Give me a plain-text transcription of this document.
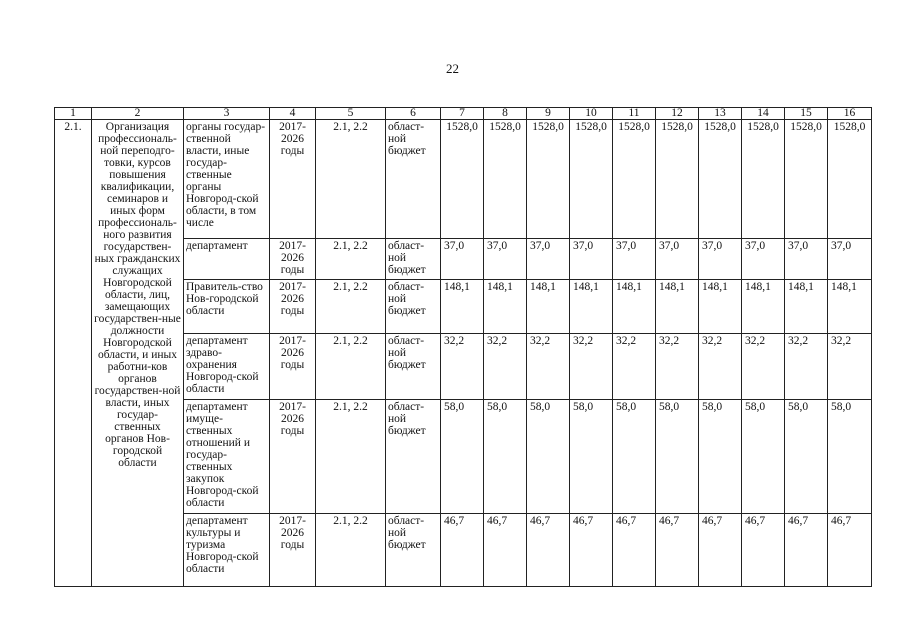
22
1	2	3	4	5	6	7	8	9	10	11	12	13	14	15	16
2.1.	Организация профессиональ-ной переподго-товки, курсов повышения квалификации, семинаров и иных форм профессиональ-ного развития государствен-ных гражданских служащих Новгородской области, лиц, замещающих государствен-ные должности Новгородской области, и иных работни-ков органов государствен-ной власти, иных государ-ственных органов Нов-городской области	органы государ-ственной власти, иные государ-ственные органы Новгород-ской области, в том числе	2017-2026 годы	2.1, 2.2	област-ной бюджет	1528,0	1528,0	1528,0	1528,0	1528,0	1528,0	1528,0	1528,0	1528,0	1528,0
		департамент	2017-2026 годы	2.1, 2.2	област-ной бюджет	37,0	37,0	37,0	37,0	37,0	37,0	37,0	37,0	37,0	37,0
		Правитель-ство Нов-городской области	2017-2026 годы	2.1, 2.2	област-ной бюджет	148,1	148,1	148,1	148,1	148,1	148,1	148,1	148,1	148,1	148,1
		департамент здраво-охранения Новгород-ской области	2017-2026 годы	2.1, 2.2	област-ной бюджет	32,2	32,2	32,2	32,2	32,2	32,2	32,2	32,2	32,2	32,2
		департамент имуще-ственных отношений и государ-ственных закупок Новгород-ской области	2017-2026 годы	2.1, 2.2	област-ной бюджет	58,0	58,0	58,0	58,0	58,0	58,0	58,0	58,0	58,0	58,0
		департамент культуры и туризма Новгород-ской области	2017-2026 годы	2.1, 2.2	област-ной бюджет	46,7	46,7	46,7	46,7	46,7	46,7	46,7	46,7	46,7	46,7
